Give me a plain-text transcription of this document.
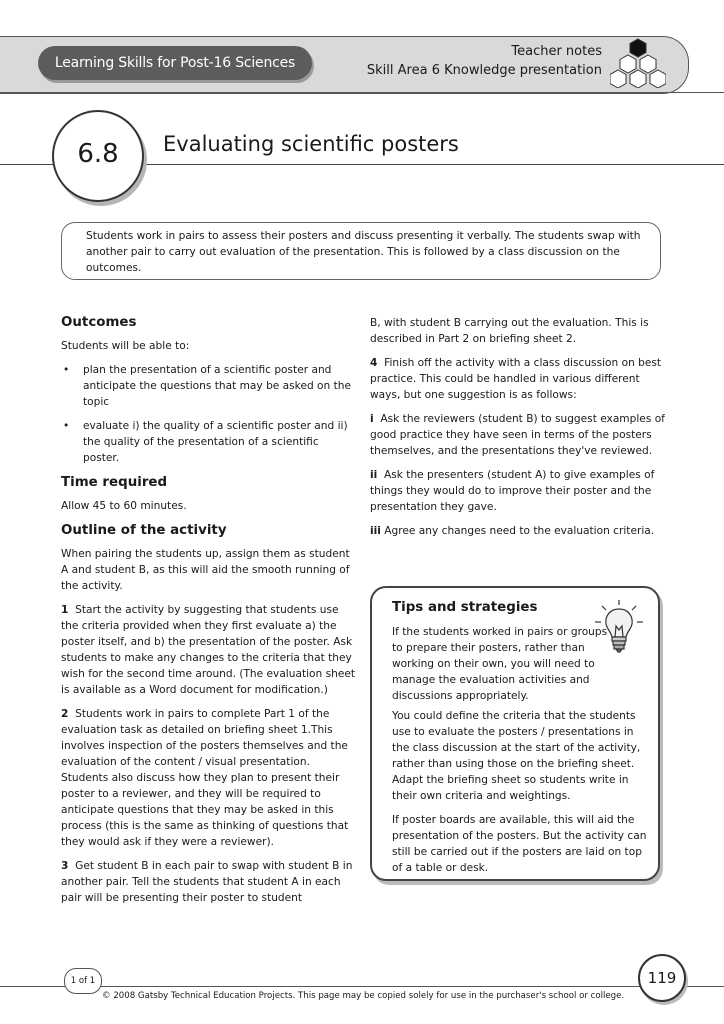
Learning Skills for Post-16 Sciences
Teacher notes
Skill Area 6 Knowledge presentation
6.8	Evaluating scientific posters
Students work in pairs to assess their posters and discuss presenting it verbally. The students swap with another pair to carry out evaluation of the presentation. This is followed by a class discussion on the outcomes.
Outcomes

Students will be able to:

• plan the presentation of a scientific poster and anticipate the questions that may be asked on the topic
• evaluate i) the quality of a scientific poster and ii) the quality of the presentation of a scientific poster.
Time required

Allow 45 to 60 minutes.

Outline of the activity

When pairing the students up, assign them as student A and student B, as this will aid the smooth running of the activity.

1 Start the activity by suggesting that students use the criteria provided when they first evaluate a) the poster itself, and b) the presentation of the poster. Ask students to make any changes to the criteria that they wish for the second time around. (The evaluation sheet is available as a Word document for modification.)

2 Students work in pairs to complete Part 1 of the evaluation task as detailed on briefing sheet 1.This involves inspection of the posters themselves and the evaluation of the content / visual presentation. Students also discuss how they plan to present their poster to a reviewer, and they will be required to anticipate questions that they may be asked in this process (this is the same as thinking of questions that they would ask if they were a reviewer).

3 Get student B in each pair to swap with student B in another pair. Tell the students that student A in each pair will be presenting their poster to student

B, with student B carrying out the evaluation. This is described in Part 2 on briefing sheet 2.

4 Finish off the activity with a class discussion on best practice. This could be handled in various different ways, but one suggestion is as follows:

i Ask the reviewers (student B) to suggest examples of good practice they have seen in terms of the posters themselves, and the presentations they've reviewed.

ii Ask the presenters (student A) to give examples of things they would do to improve their poster and the presentation they gave.

iii Agree any changes need to the evaluation criteria.

Tips and strategies
If the students worked in pairs or groups to prepare their posters, rather than working on their own, you will need to manage the evaluation activities and discussions appropriately.

You could define the criteria that the students use to evaluate the posters / presentations in the class discussion at the start of the activity, rather than using those on the briefing sheet. Adapt the briefing sheet so students write in their own criteria and weightings.

If poster boards are available, this will aid the presentation of the posters. But the activity can still be carried out if the posters are laid on top of a table or desk.

1 of 1	119
© 2008 Gatsby Technical Education Projects. This page may be copied solely for use in the purchaser's school or college.
